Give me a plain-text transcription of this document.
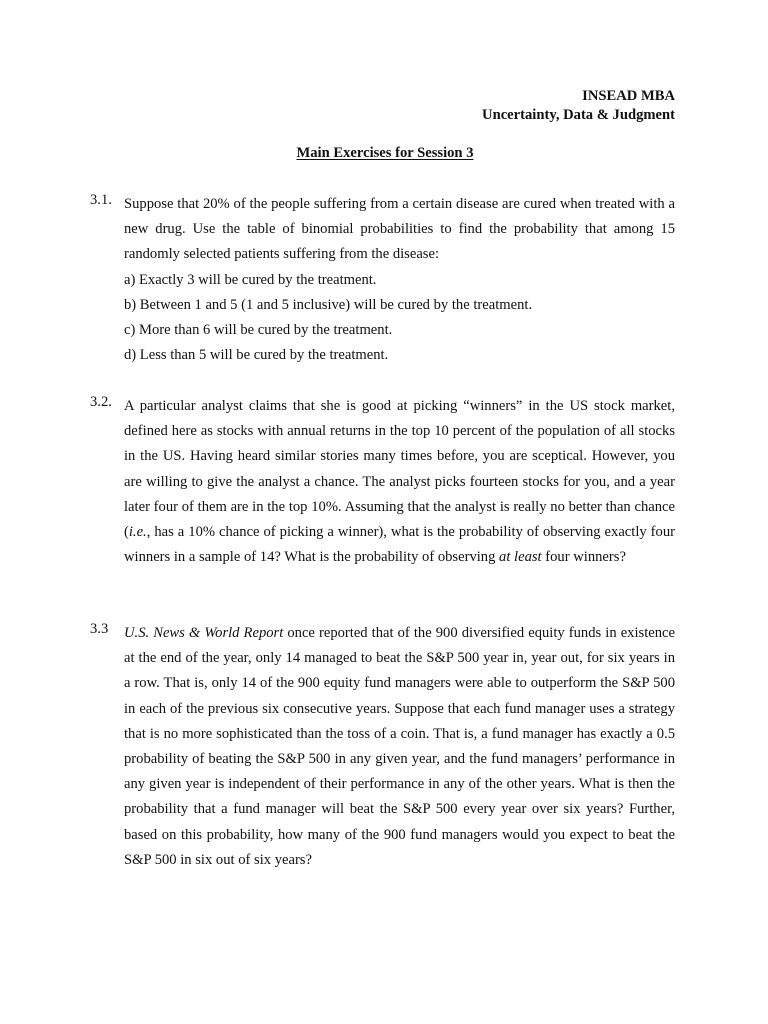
INSEAD MBA
Uncertainty, Data & Judgment
Main Exercises for Session 3
3.1. Suppose that 20% of the people suffering from a certain disease are cured when treated with a new drug. Use the table of binomial probabilities to find the probability that among 15 randomly selected patients suffering from the disease:

a) Exactly 3 will be cured by the treatment.

b) Between 1 and 5 (1 and 5 inclusive) will be cured by the treatment.

c) More than 6 will be cured by the treatment.

d) Less than 5 will be cured by the treatment.

3.2. A particular analyst claims that she is good at picking “winners” in the US stock market, defined here as stocks with annual returns in the top 10 percent of the population of all stocks in the US. Having heard similar stories many times before, you are sceptical. However, you are willing to give the analyst a chance. The analyst picks fourteen stocks for you, and a year later four of them are in the top 10%. Assuming that the analyst is really no better than chance (i.e., has a 10% chance of picking a winner), what is the probability of observing exactly four winners in a sample of 14? What is the probability of observing at least four winners?

3.3	U.S. News & World Report once reported that of the 900 diversified equity funds in existence at the end of the year, only 14 managed to beat the S&P 500 year in, year out, for six years in a row. That is, only 14 of the 900 equity fund managers were able to outperform the S&P 500 in each of the previous six consecutive years. Suppose that each fund manager uses a strategy that is no more sophisticated than the toss of a coin. That is, a fund manager has exactly a 0.5 probability of beating the S&P 500 in any given year, and the fund managers’ performance in any given year is independent of their performance in any of the other years. What is then the probability that a fund manager will beat the S&P 500 every year over six years? Further, based on this probability, how many of the 900 fund managers would you expect to beat the S&P 500 in six out of six years?
